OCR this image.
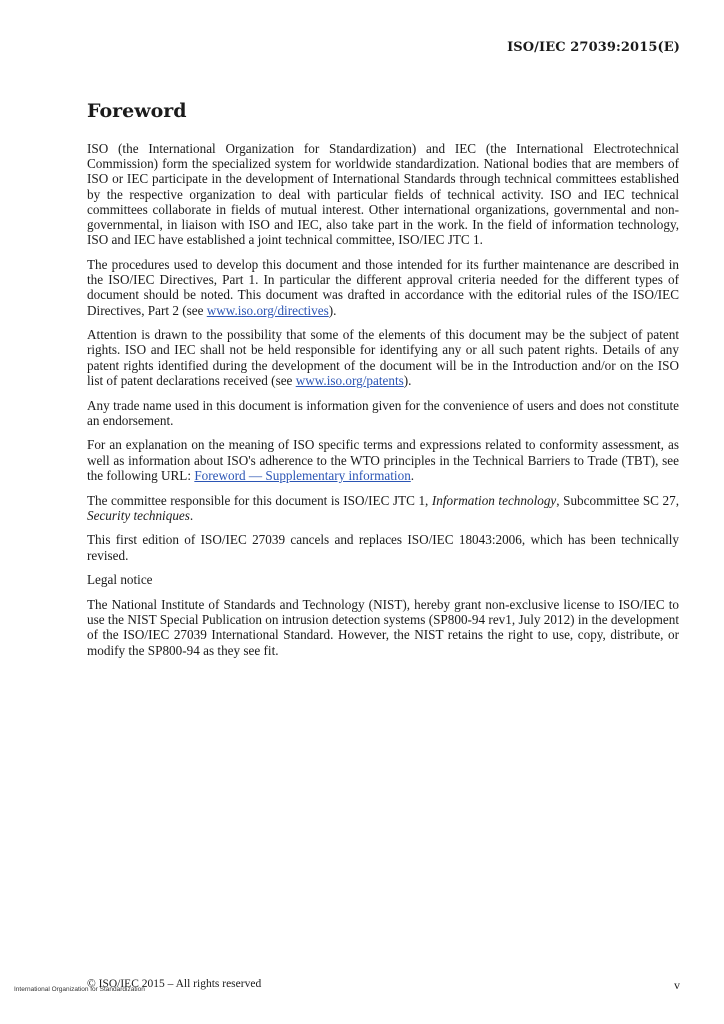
ISO/IEC 27039:2015(E)
Foreword

ISO (the International Organization for Standardization) and IEC (the International Electrotechnical Commission) form the specialized system for worldwide standardization. National bodies that are members of ISO or IEC participate in the development of International Standards through technical committees established by the respective organization to deal with particular fields of technical activity. ISO and IEC technical committees collaborate in fields of mutual interest. Other international organizations, governmental and non-governmental, in liaison with ISO and IEC, also take part in the work. In the field of information technology, ISO and IEC have established a joint technical committee, ISO/IEC JTC 1.

The procedures used to develop this document and those intended for its further maintenance are described in the ISO/IEC Directives, Part 1. In particular the different approval criteria needed for the different types of document should be noted. This document was drafted in accordance with the editorial rules of the ISO/IEC Directives, Part 2 (see www.iso.org/directives).

Attention is drawn to the possibility that some of the elements of this document may be the subject of patent rights. ISO and IEC shall not be held responsible for identifying any or all such patent rights. Details of any patent rights identified during the development of the document will be in the Introduction and/or on the ISO list of patent declarations received (see www.iso.org/patents).

Any trade name used in this document is information given for the convenience of users and does not constitute an endorsement.

For an explanation on the meaning of ISO specific terms and expressions related to conformity assessment, as well as information about ISO's adherence to the WTO principles in the Technical Barriers to Trade (TBT), see the following URL: Foreword — Supplementary information.

The committee responsible for this document is ISO/IEC JTC 1, Information technology, Subcommittee SC 27, Security techniques.

This first edition of ISO/IEC 27039 cancels and replaces ISO/IEC 18043:2006, which has been technically revised.

Legal notice

The National Institute of Standards and Technology (NIST), hereby grant non-exclusive license to ISO/IEC to use the NIST Special Publication on intrusion detection systems (SP800-94 rev1, July 2012) in the development of the ISO/IEC 27039 International Standard. However, the NIST retains the right to use, copy, distribute, or modify the SP800-94 as they see fit.

© ISO/IEC 2015 – All rights reserved	v
International Organization for Standardization
